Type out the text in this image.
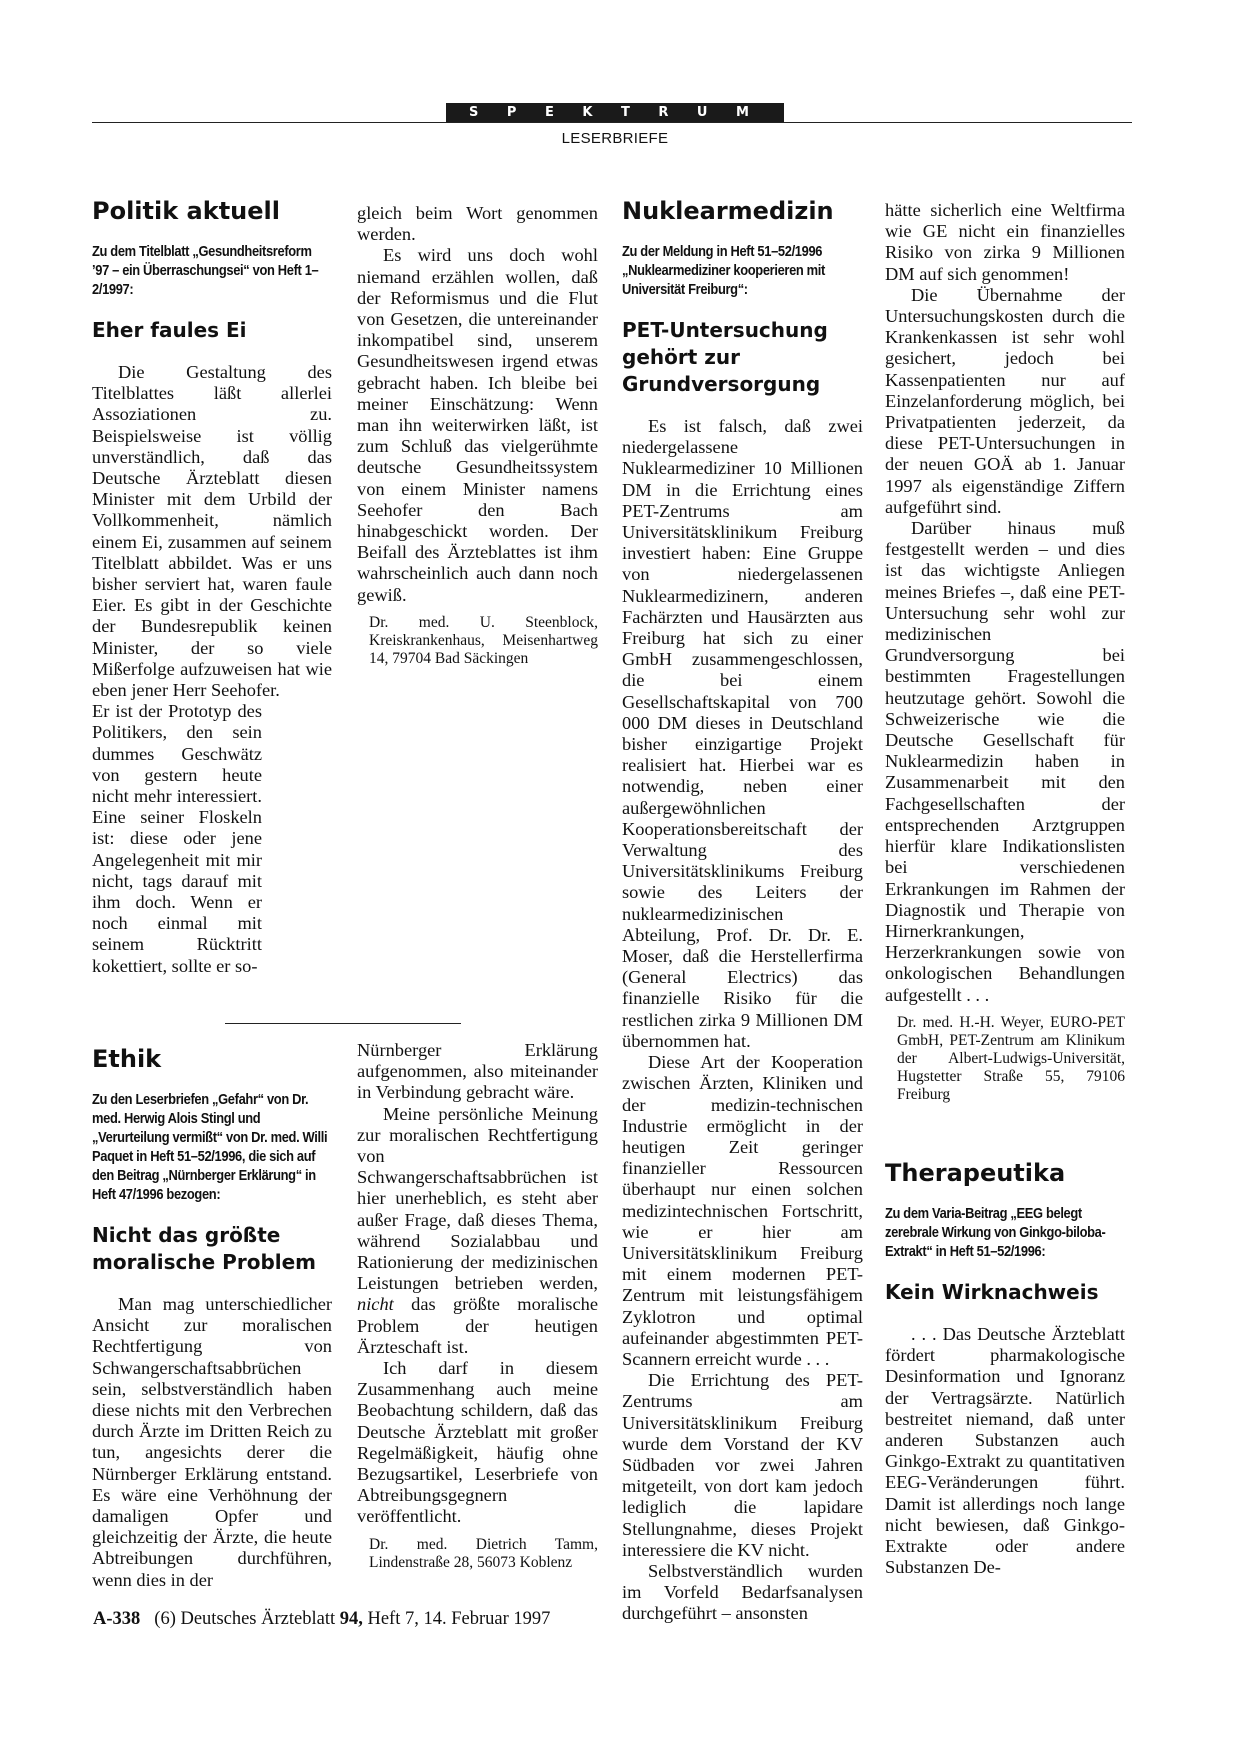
S P E K T R U M
LESERBRIEFE
Politik aktuell
Zu dem Titelblatt „Gesundheitsreform ’97 – ein Überraschungsei“ von Heft 1–2/1997:
Eher faules Ei

Die Gestaltung des Titelblattes läßt allerlei Assoziationen zu. Beispielsweise ist völlig unverständlich, daß das Deutsche Ärzteblatt diesen Minister mit dem Urbild der Vollkommenheit, nämlich einem Ei, zusammen auf seinem Titelblatt abbildet. Was er uns bisher serviert hat, waren faule Eier. Es gibt in der Geschichte der Bundesrepublik keinen Minister, der so viele Mißerfolge aufzuweisen hat wie eben jener Herr Seehofer.

Er ist der Prototyp des Politikers, den sein dummes Geschwätz von gestern heute nicht mehr interessiert. Eine seiner Floskeln ist: diese oder jene Angelegenheit mit mir nicht, tags darauf mit ihm doch. Wenn er noch einmal mit seinem Rücktritt kokettiert, sollte er so-

gleich beim Wort genommen werden.

Es wird uns doch wohl niemand erzählen wollen, daß der Reformismus und die Flut von Gesetzen, die untereinander inkompatibel sind, unserem Gesundheitswesen irgend etwas gebracht haben. Ich bleibe bei meiner Einschätzung: Wenn man ihn weiterwirken läßt, ist zum Schluß das vielgerühmte deutsche Gesundheitssystem von einem Minister namens Seehofer den Bach hinabgeschickt worden. Der Beifall des Ärzteblattes ist ihm wahrscheinlich auch dann noch gewiß.

Dr. med. U. Steenblock, Kreiskrankenhaus, Meisenhartweg 14, 79704 Bad Säckingen
Ethik
Zu den Leserbriefen „Gefahr“ von Dr. med. Herwig Alois Stingl und „Verurteilung vermißt“ von Dr. med. Willi Paquet in Heft 51–52/1996, die sich auf den Beitrag „Nürnberger Erklärung“ in Heft 47/1996 bezogen:
Nicht das größte moralische Problem

Man mag unterschiedlicher Ansicht zur moralischen Rechtfertigung von Schwangerschaftsabbrüchen sein, selbstverständlich haben diese nichts mit den Verbrechen durch Ärzte im Dritten Reich zu tun, angesichts derer die Nürnberger Erklärung entstand. Es wäre eine Verhöhnung der damaligen Opfer und gleichzeitig der Ärzte, die heute Abtreibungen durchführen, wenn dies in der

Nürnberger Erklärung aufgenommen, also miteinander in Verbindung gebracht wäre.

Meine persönliche Meinung zur moralischen Rechtfertigung von Schwangerschaftsabbrüchen ist hier unerheblich, es steht aber außer Frage, daß dieses Thema, während Sozialabbau und Rationierung der medizinischen Leistungen betrieben werden, nicht das größte moralische Problem der heutigen Ärzteschaft ist.

Ich darf in diesem Zusammenhang auch meine Beobachtung schildern, daß das Deutsche Ärzteblatt mit großer Regelmäßigkeit, häufig ohne Bezugsartikel, Leserbriefe von Abtreibungsgegnern veröffentlicht.

Dr. med. Dietrich Tamm, Lindenstraße 28, 56073 Koblenz
Nuklearmedizin
Zu der Meldung in Heft 51–52/1996 „Nuklearmediziner kooperieren mit Universität Freiburg“:
PET-Untersuchung gehört zur Grundversorgung

Es ist falsch, daß zwei niedergelassene Nuklearmediziner 10 Millionen DM in die Errichtung eines PET-Zentrums am Universitätsklinikum Freiburg investiert haben: Eine Gruppe von niedergelassenen Nuklearmedizinern, anderen Fachärzten und Hausärzten aus Freiburg hat sich zu einer GmbH zusammengeschlossen, die bei einem Gesellschaftskapital von 700 000 DM dieses in Deutschland bisher einzigartige Projekt realisiert hat. Hierbei war es notwendig, neben einer außergewöhnlichen Kooperationsbereitschaft der Verwaltung des Universitätsklinikums Freiburg sowie des Leiters der nuklearmedizinischen Abteilung, Prof. Dr. Dr. E. Moser, daß die Herstellerfirma (General Electrics) das finanzielle Risiko für die restlichen zirka 9 Millionen DM übernommen hat.

Diese Art der Kooperation zwischen Ärzten, Kliniken und der medizin-technischen Industrie ermöglicht in der heutigen Zeit geringer finanzieller Ressourcen überhaupt nur einen solchen medizintechnischen Fortschritt, wie er hier am Universitätsklinikum Freiburg mit einem modernen PET-Zentrum mit leistungsfähigem Zyklotron und optimal aufeinander abgestimmten PET-Scannern erreicht wurde . . .

Die Errichtung des PET-Zentrums am Universitätsklinikum Freiburg wurde dem Vorstand der KV Südbaden vor zwei Jahren mitgeteilt, von dort kam jedoch lediglich die lapidare Stellungnahme, dieses Projekt interessiere die KV nicht.

Selbstverständlich wurden im Vorfeld Bedarfsanalysen durchgeführt – ansonsten

hätte sicherlich eine Weltfirma wie GE nicht ein finanzielles Risiko von zirka 9 Millionen DM auf sich genommen!

Die Übernahme der Untersuchungskosten durch die Krankenkassen ist sehr wohl gesichert, jedoch bei Kassenpatienten nur auf Einzelanforderung möglich, bei Privatpatienten jederzeit, da diese PET-Untersuchungen in der neuen GOÄ ab 1. Januar 1997 als eigenständige Ziffern aufgeführt sind.

Darüber hinaus muß festgestellt werden – und dies ist das wichtigste Anliegen meines Briefes –, daß eine PET-Untersuchung sehr wohl zur medizinischen Grundversorgung bei bestimmten Fragestellungen heutzutage gehört. Sowohl die Schweizerische wie die Deutsche Gesellschaft für Nuklearmedizin haben in Zusammenarbeit mit den Fachgesellschaften der entsprechenden Arztgruppen hierfür klare Indikationslisten bei verschiedenen Erkrankungen im Rahmen der Diagnostik und Therapie von Hirnerkrankungen, Herzerkrankungen sowie von onkologischen Behandlungen aufgestellt . . .

Dr. med. H.-H. Weyer, EURO-PET GmbH, PET-Zentrum am Klinikum der Albert-Ludwigs-Universität, Hugstetter Straße 55, 79106 Freiburg
Therapeutika
Zu dem Varia-Beitrag „EEG belegt zerebrale Wirkung von Ginkgo-biloba-Extrakt“ in Heft 51–52/1996:
Kein Wirknachweis

. . . Das Deutsche Ärzteblatt fördert pharmakologische Desinformation und Ignoranz der Vertragsärzte. Natürlich bestreitet niemand, daß unter anderen Substanzen auch Ginkgo-Extrakt zu quantitativen EEG-Veränderungen führt. Damit ist allerdings noch lange nicht bewiesen, daß Ginkgo-Extrakte oder andere Substanzen De-

A-338 (6) Deutsches Ärzteblatt 94, Heft 7, 14. Februar 1997
